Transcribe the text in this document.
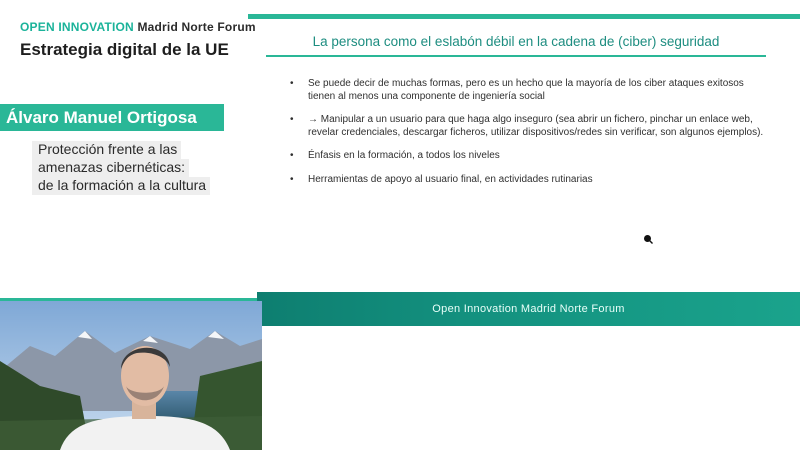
OPEN INNOVATION Madrid Norte Forum
Estrategia digital de la UE
Álvaro Manuel Ortigosa
Protección frente a las
amenazas cibernéticas:
de la formación a la cultura
La persona como el eslabón débil en la cadena de (ciber) seguridad
• Se puede decir de muchas formas, pero es un hecho que la mayoría de los ciber ataques exitosos tienen al menos una componente de ingeniería social
• → Manipular a un usuario para que haga algo inseguro (sea abrir un fichero, pinchar un enlace web, revelar credenciales, descargar ficheros, utilizar dispositivos/redes sin verificar, son algunos ejemplos).
• Énfasis en la formación, a todos los niveles
• Herramientas de apoyo al usuario final, en actividades rutinarias
Open Innovation Madrid Norte Forum
